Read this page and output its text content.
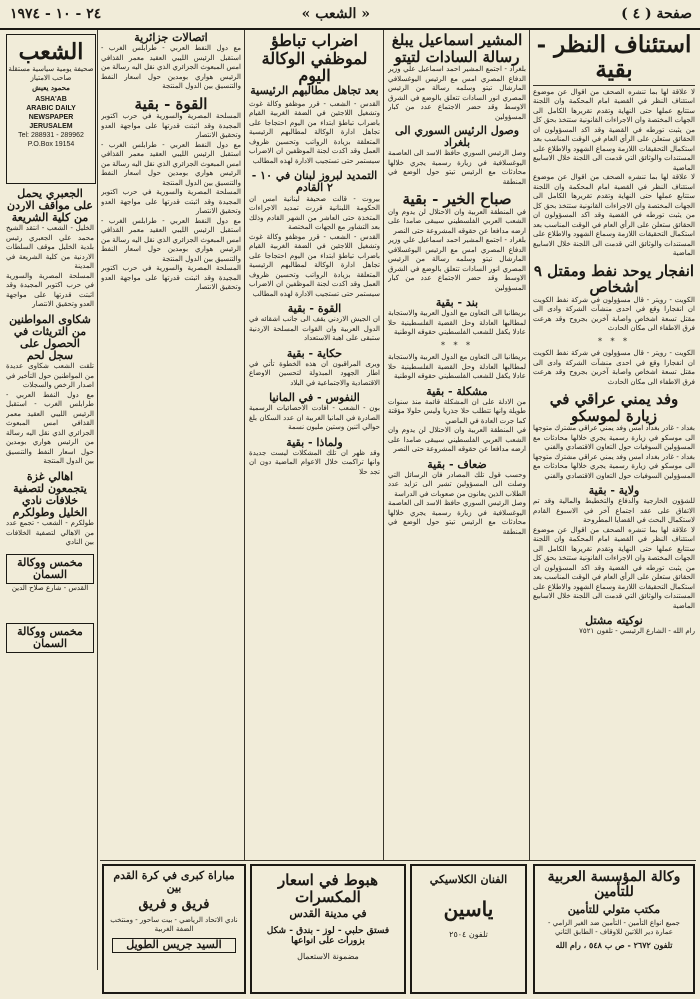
صفحة ( ٤ )
« الشعب »
٢٤ - ١٠ - ١٩٧٤
استئناف النظر - بقية
لا علاقة لها بما تنشره الصحف من اقوال عن موضوع استئناف النظر في القضية امام المحكمة وان اللجنة ستتابع عملها حتى النهاية وتقدم تقريرها الكامل الى الجهات المختصة وان الاجراءات القانونية ستتخذ بحق كل من يثبت تورطه في القضية وقد اكد المسؤولون ان الحقائق ستعلن على الرأي العام في الوقت المناسب بعد استكمال التحقيقات اللازمة وسماع الشهود والاطلاع على المستندات والوثائق التي قدمت الى اللجنة خلال الاسابيع الماضية
لا علاقة لها بما تنشره الصحف من اقوال عن موضوع استئناف النظر في القضية امام المحكمة وان اللجنة ستتابع عملها حتى النهاية وتقدم تقريرها الكامل الى الجهات المختصة وان الاجراءات القانونية ستتخذ بحق كل من يثبت تورطه في القضية وقد اكد المسؤولون ان الحقائق ستعلن على الرأي العام في الوقت المناسب بعد استكمال التحقيقات اللازمة وسماع الشهود والاطلاع على المستندات والوثائق التي قدمت الى اللجنة خلال الاسابيع الماضية
انفجار يوحد نفط ومقتل ٩ اشخاص
الكويت - رويتر - قال مسؤولون في شركة نفط الكويت ان انفجارا وقع في احدى منشآت الشركة وادى الى مقتل تسعة اشخاص واصابة آخرين بجروح وقد هرعت فرق الاطفاء الى مكان الحادث
* * *
الكويت - رويتر - قال مسؤولون في شركة نفط الكويت ان انفجارا وقع في احدى منشآت الشركة وادى الى مقتل تسعة اشخاص واصابة آخرين بجروح وقد هرعت فرق الاطفاء الى مكان الحادث
وفد يمني عراقي في زيارة لموسكو
بغداد - غادر بغداد امس وفد يمني عراقي مشترك متوجها الى موسكو في زيارة رسمية يجري خلالها محادثات مع المسؤولين السوفيات حول التعاون الاقتصادي والفني
بغداد - غادر بغداد امس وفد يمني عراقي مشترك متوجها الى موسكو في زيارة رسمية يجري خلالها محادثات مع المسؤولين السوفيات حول التعاون الاقتصادي والفني
ولاية - بقية
للشؤون الخارجية والدفاع والتخطيط والمالية وقد تم الاتفاق على عقد اجتماع آخر في الاسبوع القادم لاستكمال البحث في القضايا المطروحة
لا علاقة لها بما تنشره الصحف من اقوال عن موضوع استئناف النظر في القضية امام المحكمة وان اللجنة ستتابع عملها حتى النهاية وتقدم تقريرها الكامل الى الجهات المختصة وان الاجراءات القانونية ستتخذ بحق كل من يثبت تورطه في القضية وقد اكد المسؤولون ان الحقائق ستعلن على الرأي العام في الوقت المناسب بعد استكمال التحقيقات اللازمة وسماع الشهود والاطلاع على المستندات والوثائق التي قدمت الى اللجنة خلال الاسابيع الماضية
نوكيته مشتل
رام الله - الشارع الرئيسي - تلفون ٧٥٢١
المشير اسماعيل يبلغ رسالة السادات لتيتو
بلغراد - اجتمع المشير احمد اسماعيل علي وزير الدفاع المصري امس مع الرئيس اليوغسلافي المارشال تيتو وسلمه رسالة من الرئيس المصري انور السادات تتعلق بالوضع في الشرق الاوسط وقد حضر الاجتماع عدد من كبار المسؤولين
وصول الرئيس السوري الى بلغراد
وصل الرئيس السوري حافظ الاسد الى العاصمة اليوغسلافية في زيارة رسمية يجري خلالها محادثات مع الرئيس تيتو حول الوضع في المنطقة
صباح الخير - بقية
في المنطقة العربية وان الاحتلال لن يدوم وان الشعب العربي الفلسطيني سيبقى صامدا على ارضه مدافعا عن حقوقه المشروعة حتى النصر
بلغراد - اجتمع المشير احمد اسماعيل علي وزير الدفاع المصري امس مع الرئيس اليوغسلافي المارشال تيتو وسلمه رسالة من الرئيس المصري انور السادات تتعلق بالوضع في الشرق الاوسط وقد حضر الاجتماع عدد من كبار المسؤولين
بند - بقية
بريطانيا الى التعاون مع الدول العربية والاستجابة لمطالبها العادلة وحل القضية الفلسطينية حلا عادلا يكفل للشعب الفلسطيني حقوقه الوطنية
* * *
بريطانيا الى التعاون مع الدول العربية والاستجابة لمطالبها العادلة وحل القضية الفلسطينية حلا عادلا يكفل للشعب الفلسطيني حقوقه الوطنية
مشكلة - بقية
من الادلة على ان المشكلة قائمة منذ سنوات طويلة وانها تتطلب حلا جذريا وليس حلولا مؤقتة كما جرت العادة في الماضي
في المنطقة العربية وان الاحتلال لن يدوم وان الشعب العربي الفلسطيني سيبقى صامدا على ارضه مدافعا عن حقوقه المشروعة حتى النصر
ضعاف - بقية
وحسب قول تلك المصادر فان الرسائل التي وصلت الى المسؤولين تشير الى تزايد عدد الطلاب الذين يعانون من صعوبات في الدراسة
وصل الرئيس السوري حافظ الاسد الى العاصمة اليوغسلافية في زيارة رسمية يجري خلالها محادثات مع الرئيس تيتو حول الوضع في المنطقة
اضراب تباطؤ لموظفي الوكالة اليوم
بعد تجاهل مطالبهم الرئيسية
القدس - الشعب - قرر موظفو وكالة غوث وتشغيل اللاجئين في الضفة الغربية القيام باضراب تباطؤ ابتداء من اليوم احتجاجا على تجاهل ادارة الوكالة لمطالبهم الرئيسية المتعلقة بزيادة الرواتب وتحسين ظروف العمل وقد اكدت لجنة الموظفين ان الاضراب سيستمر حتى تستجيب الادارة لهذه المطالب
التمديد لبروز لبنان في ١٠ - ٢ القادم
بيروت - قالت صحيفة لبنانية امس ان الحكومة اللبنانية قررت تمديد الاجراءات المتخذة حتى العاشر من الشهر القادم وذلك بعد التشاور مع الجهات المختصة
القدس - الشعب - قرر موظفو وكالة غوث وتشغيل اللاجئين في الضفة الغربية القيام باضراب تباطؤ ابتداء من اليوم احتجاجا على تجاهل ادارة الوكالة لمطالبهم الرئيسية المتعلقة بزيادة الرواتب وتحسين ظروف العمل وقد اكدت لجنة الموظفين ان الاضراب سيستمر حتى تستجيب الادارة لهذه المطالب
القوة - بقية
ان الجيش الاردني يقف الى جانب اشقائه في الدول العربية وان القوات المسلحة الاردنية ستبقى على اهبة الاستعداد
حكاية - بقية
ويرى المراقبون ان هذه الخطوة تأتي في اطار الجهود المبذولة لتحسين الاوضاع الاقتصادية والاجتماعية في البلاد
النفوس - في المانيا
بون - الشعب - افادت الاحصائيات الرسمية الصادرة في المانيا الغربية ان عدد السكان بلغ حوالي اثنين وستين مليون نسمة
ولماذا - بقية
وقد ظهر ان تلك المشكلات ليست جديدة وانها تراكمت خلال الاعوام الماضية دون ان تجد حلا
اتصالات جزائرية
مع دول النفط العربي - طرابلس الغرب - استقبل الرئيس الليبي العقيد معمر القذافي امس المبعوث الجزائري الذي نقل اليه رسالة من الرئيس هواري بومدين حول اسعار النفط والتنسيق بين الدول المنتجة
القوة - بقية
المسلحة المصرية والسورية في حرب اكتوبر المجيدة وقد اثبتت قدرتها على مواجهة العدو وتحقيق الانتصار
مع دول النفط العربي - طرابلس الغرب - استقبل الرئيس الليبي العقيد معمر القذافي امس المبعوث الجزائري الذي نقل اليه رسالة من الرئيس هواري بومدين حول اسعار النفط والتنسيق بين الدول المنتجة
المسلحة المصرية والسورية في حرب اكتوبر المجيدة وقد اثبتت قدرتها على مواجهة العدو وتحقيق الانتصار
مع دول النفط العربي - طرابلس الغرب - استقبل الرئيس الليبي العقيد معمر القذافي امس المبعوث الجزائري الذي نقل اليه رسالة من الرئيس هواري بومدين حول اسعار النفط والتنسيق بين الدول المنتجة
المسلحة المصرية والسورية في حرب اكتوبر المجيدة وقد اثبتت قدرتها على مواجهة العدو وتحقيق الانتصار
الشعب
صحيفة يومية سياسية مستقلة
صاحب الامتياز
محمود يعيش
ASHA'AB
ARABIC DAILY NEWSPAPER
JERUSALEM
Tel: 288931 - 289962
P.O.Box 19154
الجعبري يحمل على مواقف الاردن من كلية الشريعة
الخليل - الشعب - انتقد الشيخ محمد علي الجعبري رئيس بلدية الخليل موقف السلطات الاردنية من كلية الشريعة في المدينة
المسلحة المصرية والسورية في حرب اكتوبر المجيدة وقد اثبتت قدرتها على مواجهة العدو وتحقيق الانتصار
شكاوى المواطنين من التريثات في الحصول على سجل لحم
تلقت الشعب شكاوى عديدة من المواطنين حول التأخير في اصدار الرخص والسجلات
مع دول النفط العربي - طرابلس الغرب - استقبل الرئيس الليبي العقيد معمر القذافي امس المبعوث الجزائري الذي نقل اليه رسالة من الرئيس هواري بومدين حول اسعار النفط والتنسيق بين الدول المنتجة
اهالي غزة يتجمعون لتصفية خلافات نادي الخليل وطولكرم
طولكرم - الشعب - تجمع عدد من الاهالي لتصفية الخلافات بين النادي
مخمس ووكالة السمان
القدس - شارع صلاح الدين
مخمس ووكالة السمان
وكالة المؤسسة العربية للتأمين
مكتب متولي للتأمين
جميع انواع التأمين - التأمين ضد الغير الزامي - عمارة دير اللاتين للاوقاف - الطابق الثاني
تلفون ٢٦٧٢ - ص ب ٥٤٨ ، رام الله
الفنان الكلاسيكي
ياسين
تلفون ٢٥٠٤
هبوط في اسعار المكسرات
في مدينة القدس
فستق حلبي - لوز - بندق - شكل بزورات على انواعها
مضمونة الاستعمال
مباراة كبرى في كرة القدم
بين
فريق و فريق
نادي الاتحاد الرياضي - بيت ساحور - ومنتخب الضفة الغربية
السيد جريس الطويل
